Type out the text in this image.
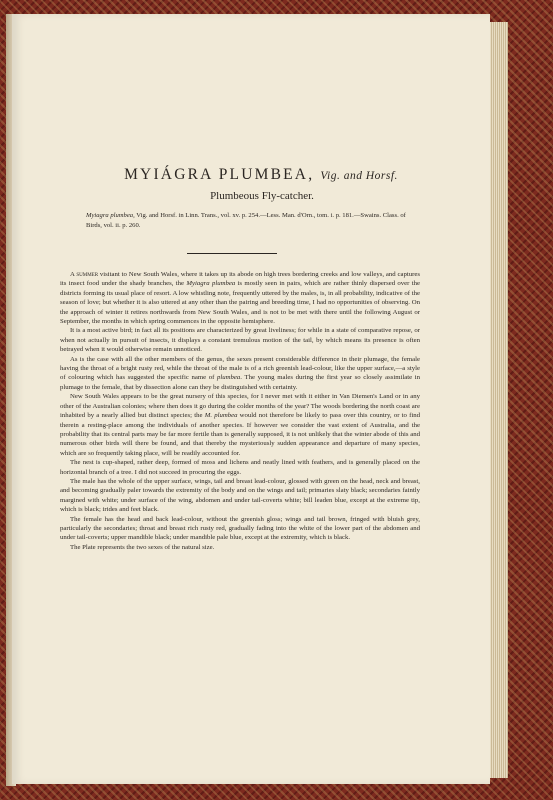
MYIÁGRA PLUMBEA, Vig. and Horsf.
Plumbeous Fly-catcher.
Myiagra plumbea, Vig. and Horsf. in Linn. Trans., vol. xv. p. 254.—Less. Man. d'Orn., tom. i. p. 181.—Swains. Class. of Birds, vol. ii. p. 260.

A summer visitant to New South Wales, where it takes up its abode on high trees bordering creeks and low valleys, and captures its insect food under the shady branches, the Myiagra plumbea is mostly seen in pairs, which are rather thinly dispersed over the districts forming its usual place of resort. A low whistling note, frequently uttered by the males, is, in all probability, indicative of the season of love; but whether it is also uttered at any other than the pairing and breeding time, I had no opportunities of observing. On the approach of winter it retires northwards from New South Wales, and is not to be met with there until the following August or September, the months in which spring commences in the opposite hemisphere.

It is a most active bird; in fact all its positions are characterized by great liveliness; for while in a state of comparative repose, or when not actually in pursuit of insects, it displays a constant tremulous motion of the tail, by which means its presence is often betrayed when it would otherwise remain unnoticed.

As is the case with all the other members of the genus, the sexes present considerable difference in their plumage, the female having the throat of a bright rusty red, while the throat of the male is of a rich greenish lead-colour, like the upper surface,—a style of colouring which has suggested the specific name of plumbea. The young males during the first year so closely assimilate in plumage to the female, that by dissection alone can they be distinguished with certainty.

New South Wales appears to be the great nursery of this species, for I never met with it either in Van Diemen's Land or in any other of the Australian colonies; where then does it go during the colder months of the year? The woods bordering the north coast are inhabited by a nearly allied but distinct species; the M. plumbea would not therefore be likely to pass over this country, or to find therein a resting-place among the individuals of another species. If however we consider the vast extent of Australia, and the probability that its central parts may be far more fertile than is generally supposed, it is not unlikely that the winter abode of this and numerous other birds will there be found, and that thereby the mysteriously sudden appearance and departure of many species, which are so frequently taking place, will be readily accounted for.

The nest is cup-shaped, rather deep, formed of moss and lichens and neatly lined with feathers, and is generally placed on the horizontal branch of a tree. I did not succeed in procuring the eggs.

The male has the whole of the upper surface, wings, tail and breast lead-colour, glossed with green on the head, neck and breast, and becoming gradually paler towards the extremity of the body and on the wings and tail; primaries slaty black; secondaries faintly margined with white; under surface of the wing, abdomen and under tail-coverts white; bill leaden blue, except at the extreme tip, which is black; irides and feet black.

The female has the head and back lead-colour, without the greenish gloss; wings and tail brown, fringed with bluish grey, particularly the secondaries; throat and breast rich rusty red, gradually fading into the white of the lower part of the abdomen and under tail-coverts; upper mandible black; under mandible pale blue, except at the extremity, which is black.

The Plate represents the two sexes of the natural size.
